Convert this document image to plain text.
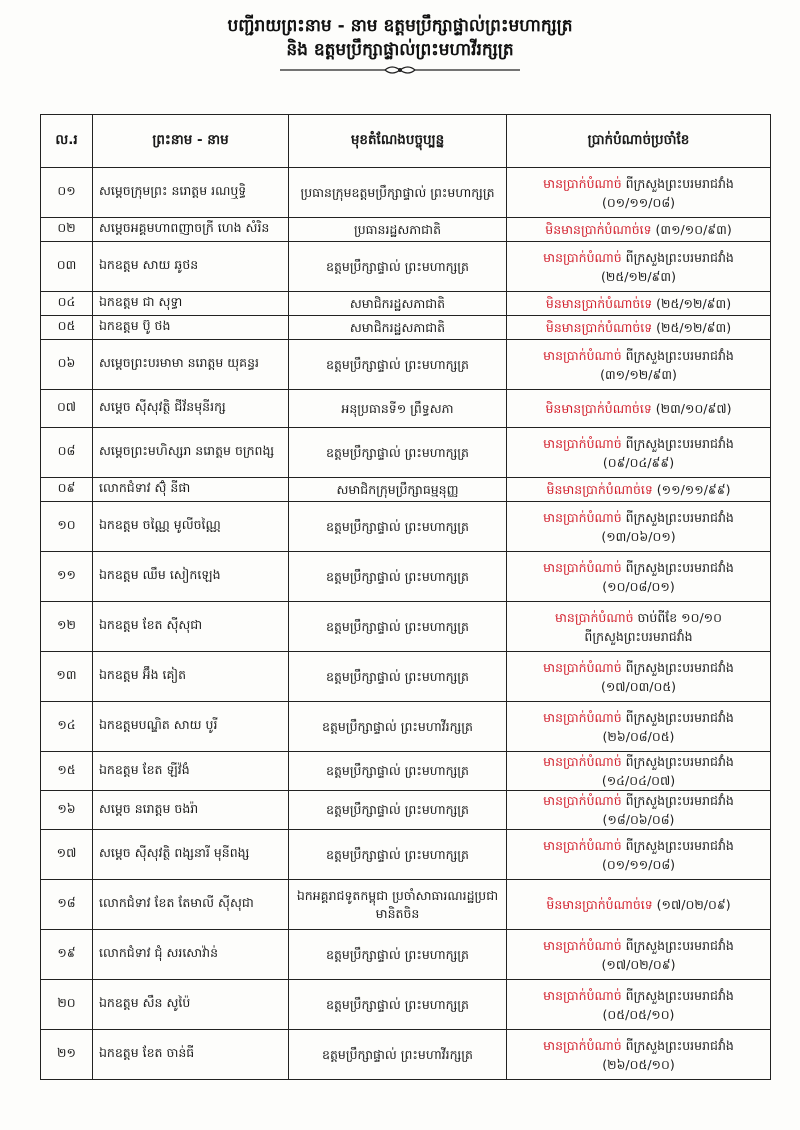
បញ្ជីរាយព្រះនាម - នាម ឧត្តមប្រឹក្សាផ្ទាល់ព្រះមហាក្សត្រ
និង ឧត្តមប្រឹក្សាផ្ទាល់ព្រះមហាវីរក្សត្រ
ល.រ	ព្រះនាម - នាម	មុខតំណែងបច្ចុប្បន្ន	ប្រាក់បំណាច់ប្រចាំខែ
០១	សម្តេចក្រុមព្រះ នរោត្តម រណឬទ្ធិ	ប្រធានក្រុមឧត្តមប្រឹក្សាផ្ទាល់ ព្រះមហាក្សត្រ	មានប្រាក់បំណាច់ ពីក្រសួងព្រះបរមរាជវាំង
(០១/១១/០៨)
០២	សម្តេចអគ្គមហាពញាចក្រី ហេង សំរិន	ប្រធានរដ្ឋសភាជាតិ	មិនមានប្រាក់បំណាច់ទេ (៣១/១០/៩៣)
០៣	ឯកឧត្តម សាយ ឆូថន	ឧត្តមប្រឹក្សាផ្ទាល់ ព្រះមហាក្សត្រ	មានប្រាក់បំណាច់ ពីក្រសួងព្រះបរមរាជវាំង
(២៥/១២/៩៣)
០៤	ឯកឧត្តម ជា សុទ្ធា	សមាជិករដ្ឋសភាជាតិ	មិនមានប្រាក់បំណាច់ទេ (២៥/១២/៩៣)
០៥	ឯកឧត្តម ប៊ូ ថង	សមាជិករដ្ឋសភាជាតិ	មិនមានប្រាក់បំណាច់ទេ (២៥/១២/៩៣)
០៦	សម្តេចព្រះបរមាមា នរោត្តម យុគន្ធរ	ឧត្តមប្រឹក្សាផ្ទាល់ ព្រះមហាក្សត្រ	មានប្រាក់បំណាច់ ពីក្រសួងព្រះបរមរាជវាំង
(៣១/១២/៩៣)
០៧	សម្តេច ស៊ីសុវត្ថិ ជីវ័នមុនីរក្ស	អនុប្រធានទី១ ព្រឹទ្ធសភា	មិនមានប្រាក់បំណាច់ទេ (២៣/១០/៩៧)
០៨	សម្តេចព្រះមហិស្សរា នរោត្តម ចក្រពង្ស	ឧត្តមប្រឹក្សាផ្ទាល់ ព្រះមហាក្សត្រ	មានប្រាក់បំណាច់ ពីក្រសួងព្រះបរមរាជវាំង
(០៩/០៤/៩៩)
០៩	លោកជំទាវ ស៊ុំ នីផា	សមាជិកក្រុមប្រឹក្សាធម្មនុញ្ញ	មិនមានប្រាក់បំណាច់ទេ (១១/១១/៩៩)
១០	ឯកឧត្តម ចណ្ណៃ មូលីចណ្ណៃ	ឧត្តមប្រឹក្សាផ្ទាល់ ព្រះមហាក្សត្រ	មានប្រាក់បំណាច់ ពីក្រសួងព្រះបរមរាជវាំង
(១៣/០៦/០១)
១១	ឯកឧត្តម ឈឹម សៀកឡេង	ឧត្តមប្រឹក្សាផ្ទាល់ ព្រះមហាក្សត្រ	មានប្រាក់បំណាច់ ពីក្រសួងព្រះបរមរាជវាំង
(១០/០៨/០១)
១២	ឯកឧត្តម ខែត ស៊ីសុជា	ឧត្តមប្រឹក្សាផ្ទាល់ ព្រះមហាក្សត្រ	មានប្រាក់បំណាច់ ចាប់ពីខែ ១០/១០
ពីក្រសួងព្រះបរមរាជវាំង
១៣	ឯកឧត្តម អ៊ឹង គៀត	ឧត្តមប្រឹក្សាផ្ទាល់ ព្រះមហាក្សត្រ	មានប្រាក់បំណាច់ ពីក្រសួងព្រះបរមរាជវាំង
(១៧/០៣/០៥)
១៤	ឯកឧត្តមបណ្ឌិត សាយ បូរី	ឧត្តមប្រឹក្សាផ្ទាល់ ព្រះមហាវីរក្សត្រ	មានប្រាក់បំណាច់ ពីក្រសួងព្រះបរមរាជវាំង
(២៦/០៨/០៥)
១៥	ឯកឧត្តម ខែត ឡីវ៉ងំ	ឧត្តមប្រឹក្សាផ្ទាល់ ព្រះមហាក្សត្រ	មានប្រាក់បំណាច់ ពីក្រសួងព្រះបរមរាជវាំង
(១៤/០៤/០៧)
១៦	សម្តេច នរោត្តម ចងរ៉ា	ឧត្តមប្រឹក្សាផ្ទាល់ ព្រះមហាក្សត្រ	មានប្រាក់បំណាច់ ពីក្រសួងព្រះបរមរាជវាំង
(១៨/០៦/០៨)
១៧	សម្តេច ស៊ីសុវត្ថិ ពង្សនារី មុនីពង្ស	ឧត្តមប្រឹក្សាផ្ទាល់ ព្រះមហាក្សត្រ	មានប្រាក់បំណាច់ ពីក្រសួងព្រះបរមរាជវាំង
(០១/១១/០៨)
១៨	លោកជំទាវ ខែត តែមាលី ស៊ីសុជា	ឯកអគ្គរាជទូតកម្ពុជា ប្រចាំសាធារណរដ្ឋប្រជាមានិតចិន	មិនមានប្រាក់បំណាច់ទេ (១៧/០២/០៩)
១៩	លោកជំទាវ ជុំ សរសោវ៉ាន់	ឧត្តមប្រឹក្សាផ្ទាល់ ព្រះមហាក្សត្រ	មានប្រាក់បំណាច់ ពីក្រសួងព្រះបរមរាជវាំង
(១៧/០២/០៩)
២០	ឯកឧត្តម សឹន សូប៉ៃ	ឧត្តមប្រឹក្សាផ្ទាល់ ព្រះមហាក្សត្រ	មានប្រាក់បំណាច់ ពីក្រសួងព្រះបរមរាជវាំង
(០៥/០៥/១០)
២១	ឯកឧត្តម ខែត ចាន់ធី	ឧត្តមប្រឹក្សាផ្ទាល់ ព្រះមហាវីរក្សត្រ	មានប្រាក់បំណាច់ ពីក្រសួងព្រះបរមរាជវាំង
(២៦/០៥/១០)
